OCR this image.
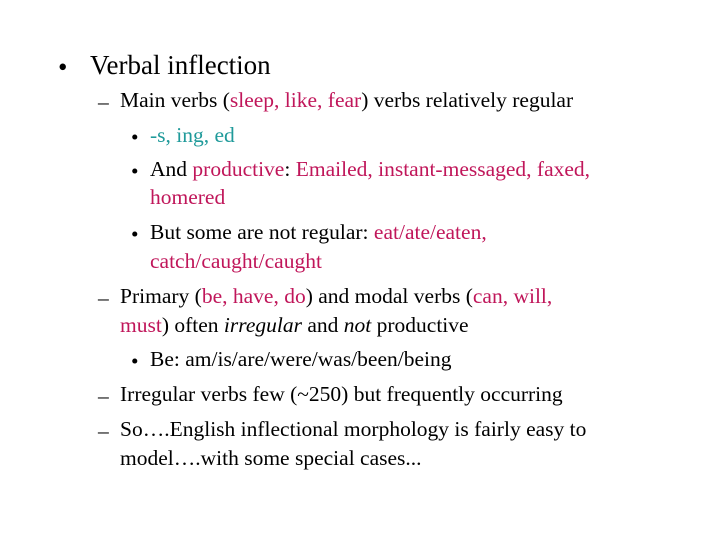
• Verbal inflection
– Main verbs (sleep, like, fear) verbs relatively regular
• -s, ing, ed
• And productive: Emailed, instant-messaged, faxed,
homered
• But some are not regular: eat/ate/eaten,
catch/caught/caught
– Primary (be, have, do) and modal verbs (can, will,
must) often irregular and not productive
• Be: am/is/are/were/was/been/being
– Irregular verbs few (~250) but frequently occurring
– So….English inflectional morphology is fairly easy to
model….with some special cases...
